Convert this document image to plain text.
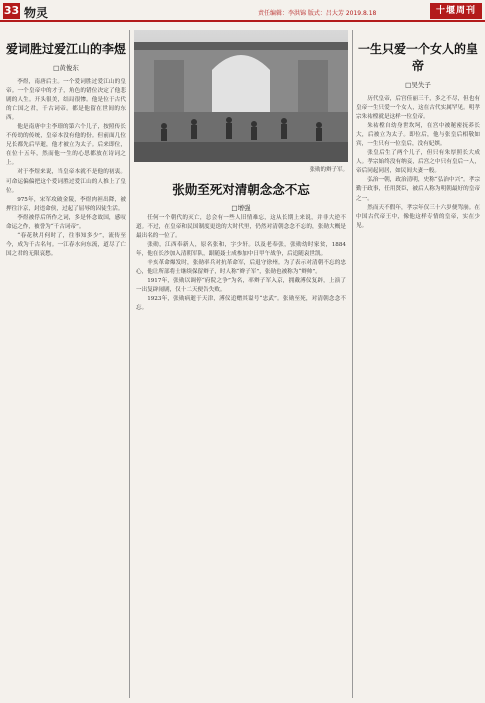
33 物灵	责任编辑：李洪锦 版式：吕大芳 2019.8.18	十堰周刊
爱词胜过爱江山的李煜
□黄俊东

李煜，南唐后主。一个爱词胜过爱江山的皇帝。一个皇帝中的才子，角色的错位决定了他悲剧的人生。开头很美，结局很惨。他是位于古代的亡国之君，千古词帝。都是他留在世间的东西。

他是南唐中主李璟的第六个儿子，按照传长不传幼的传统，皇帝本没有他的份。但前面几位兄长都先后早逝，他才被立为太子。后来即位，在位十五年，然而他一生的心思都放在诗词之上。

对于李煜来说，当皇帝本就不是他的初衷。可命运偏偏把这个爱词胜过爱江山的人推上了皇位。

975年，宋军攻破金陵，李煜肉袒出降，被押往汴京，封违命侯，过起了屈辱的囚徒生活。

李煜被俘后所作之词，多是怀念故国，感叹命运之作，被誉为“千古词帝”。

“春花秋月何时了，往事知多少”，流传至今，成为千古名句。一江春水向东流，道尽了亡国之君的无限哀愁。

张勋的辫子军。
张勋至死对清朝念念不忘
□增强

任何一个朝代的灭亡，总会有一些人旧情难忘，这从长期上来说，并非大逆不道。不过，在皇帝和民国制度更迭的大时代里，仍然对清朝念念不忘的，张勋大概是最出名的一位了。

张勋，江西奉新人，原名张和，字少轩。以及老奉张，张勋幼时家贫，1884年，他在长沙加入清朝军队，跟随聂士成参加中日甲午战争，后追随袁世凯。

辛亥革命爆发时，张勋率兵对抗革命军，后退守徐州。为了表示对清朝不忘的忠心，他让所部将士继续保留辫子，时人称“辫子军”，张勋也被称为“辫帅”。

1917年，张勋以调停“府院之争”为名，率辫子军入京，拥戴溥仪复辟，上演了一出复辟闹剧，仅十二天便告失败。

1923年，张勋病逝于天津，溥仪追赠其谥号“忠武”。张勋至死，对清朝念念不忘。

一生只爱一个女人的皇帝
□吴失子

历代皇帝，后宫佳丽三千，多之不尽，但也有皇帝一生只爱一个女人，这在古代实属罕见。明孝宗朱祐樘就是这样一位皇帝。

朱祐樘自幼身世坎坷，在宫中被秘密抚养长大，后被立为太子。即位后，他与张皇后相敬如宾，一生只有一位皇后，没有妃嫔。

张皇后生了两个儿子，但只有朱厚照长大成人。孝宗始终没有纳妾，后宫之中只有皇后一人，帝后同起同居，如民间夫妻一般。

弘治一朝，政治清明，史称“弘治中兴”。孝宗勤于政事，任用贤臣，被后人称为明朝最好的皇帝之一。

然而天不假年，孝宗年仅三十六岁便驾崩。在中国古代帝王中，像他这样专情的皇帝，实在少见。
